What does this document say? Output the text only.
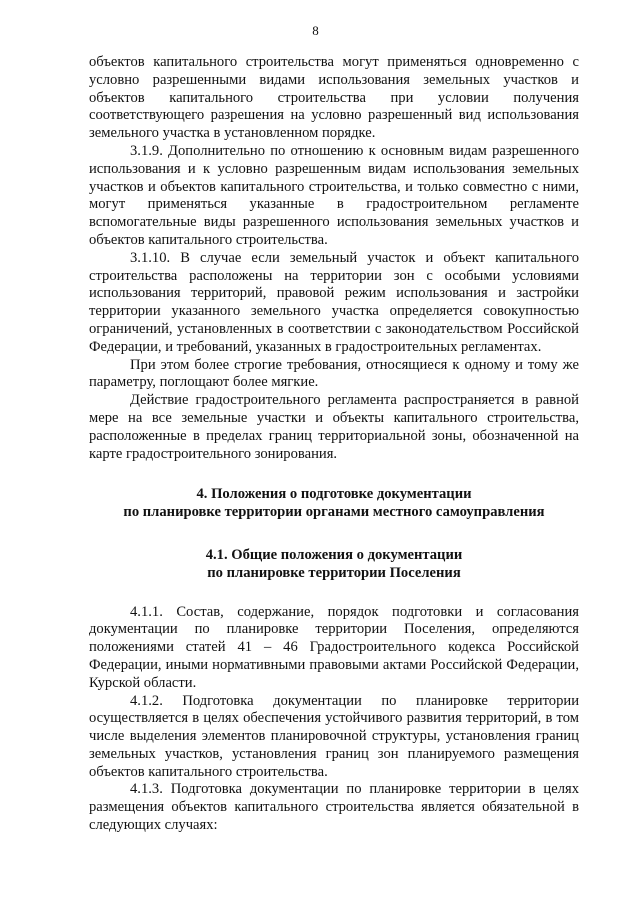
8

объектов капитального строительства могут применяться одновременно с условно разрешенными видами использования земельных участков и объектов капитального строительства при условии получения соответствующего разрешения на условно разрешенный вид использования земельного участка в установленном порядке.

3.1.9. Дополнительно по отношению к основным видам разрешенного использования и к условно разрешенным видам использования земельных участков и объектов капитального строительства, и только совместно с ними, могут применяться указанные в градостроительном регламенте вспомогательные виды разрешенного использования земельных участков и объектов капитального строительства.

3.1.10. В случае если земельный участок и объект капитального строительства расположены на территории зон с особыми условиями использования территорий, правовой режим использования и застройки территории указанного земельного участка определяется совокупностью ограничений, установленных в соответствии с законодательством Российской Федерации, и требований, указанных в градостроительных регламентах.

При этом более строгие требования, относящиеся к одному и тому же параметру, поглощают более мягкие.

Действие градостроительного регламента распространяется в равной мере на все земельные участки и объекты капитального строительства, расположенные в пределах границ территориальной зоны, обозначенной на карте градостроительного зонирования.

4. Положения о подготовке документации
по планировке территории органами местного самоуправления
4.1. Общие положения о документации
по планировке территории Поселения

4.1.1. Состав, содержание, порядок подготовки и согласования документации по планировке территории Поселения, определяются положениями статей 41 – 46 Градостроительного кодекса Российской Федерации, иными нормативными правовыми актами Российской Федерации, Курской области.

4.1.2. Подготовка документации по планировке территории осуществляется в целях обеспечения устойчивого развития территорий, в том числе выделения элементов планировочной структуры, установления границ земельных участков, установления границ зон планируемого размещения объектов капитального строительства.

4.1.3. Подготовка документации по планировке территории в целях размещения объектов капитального строительства является обязательной в следующих случаях:
